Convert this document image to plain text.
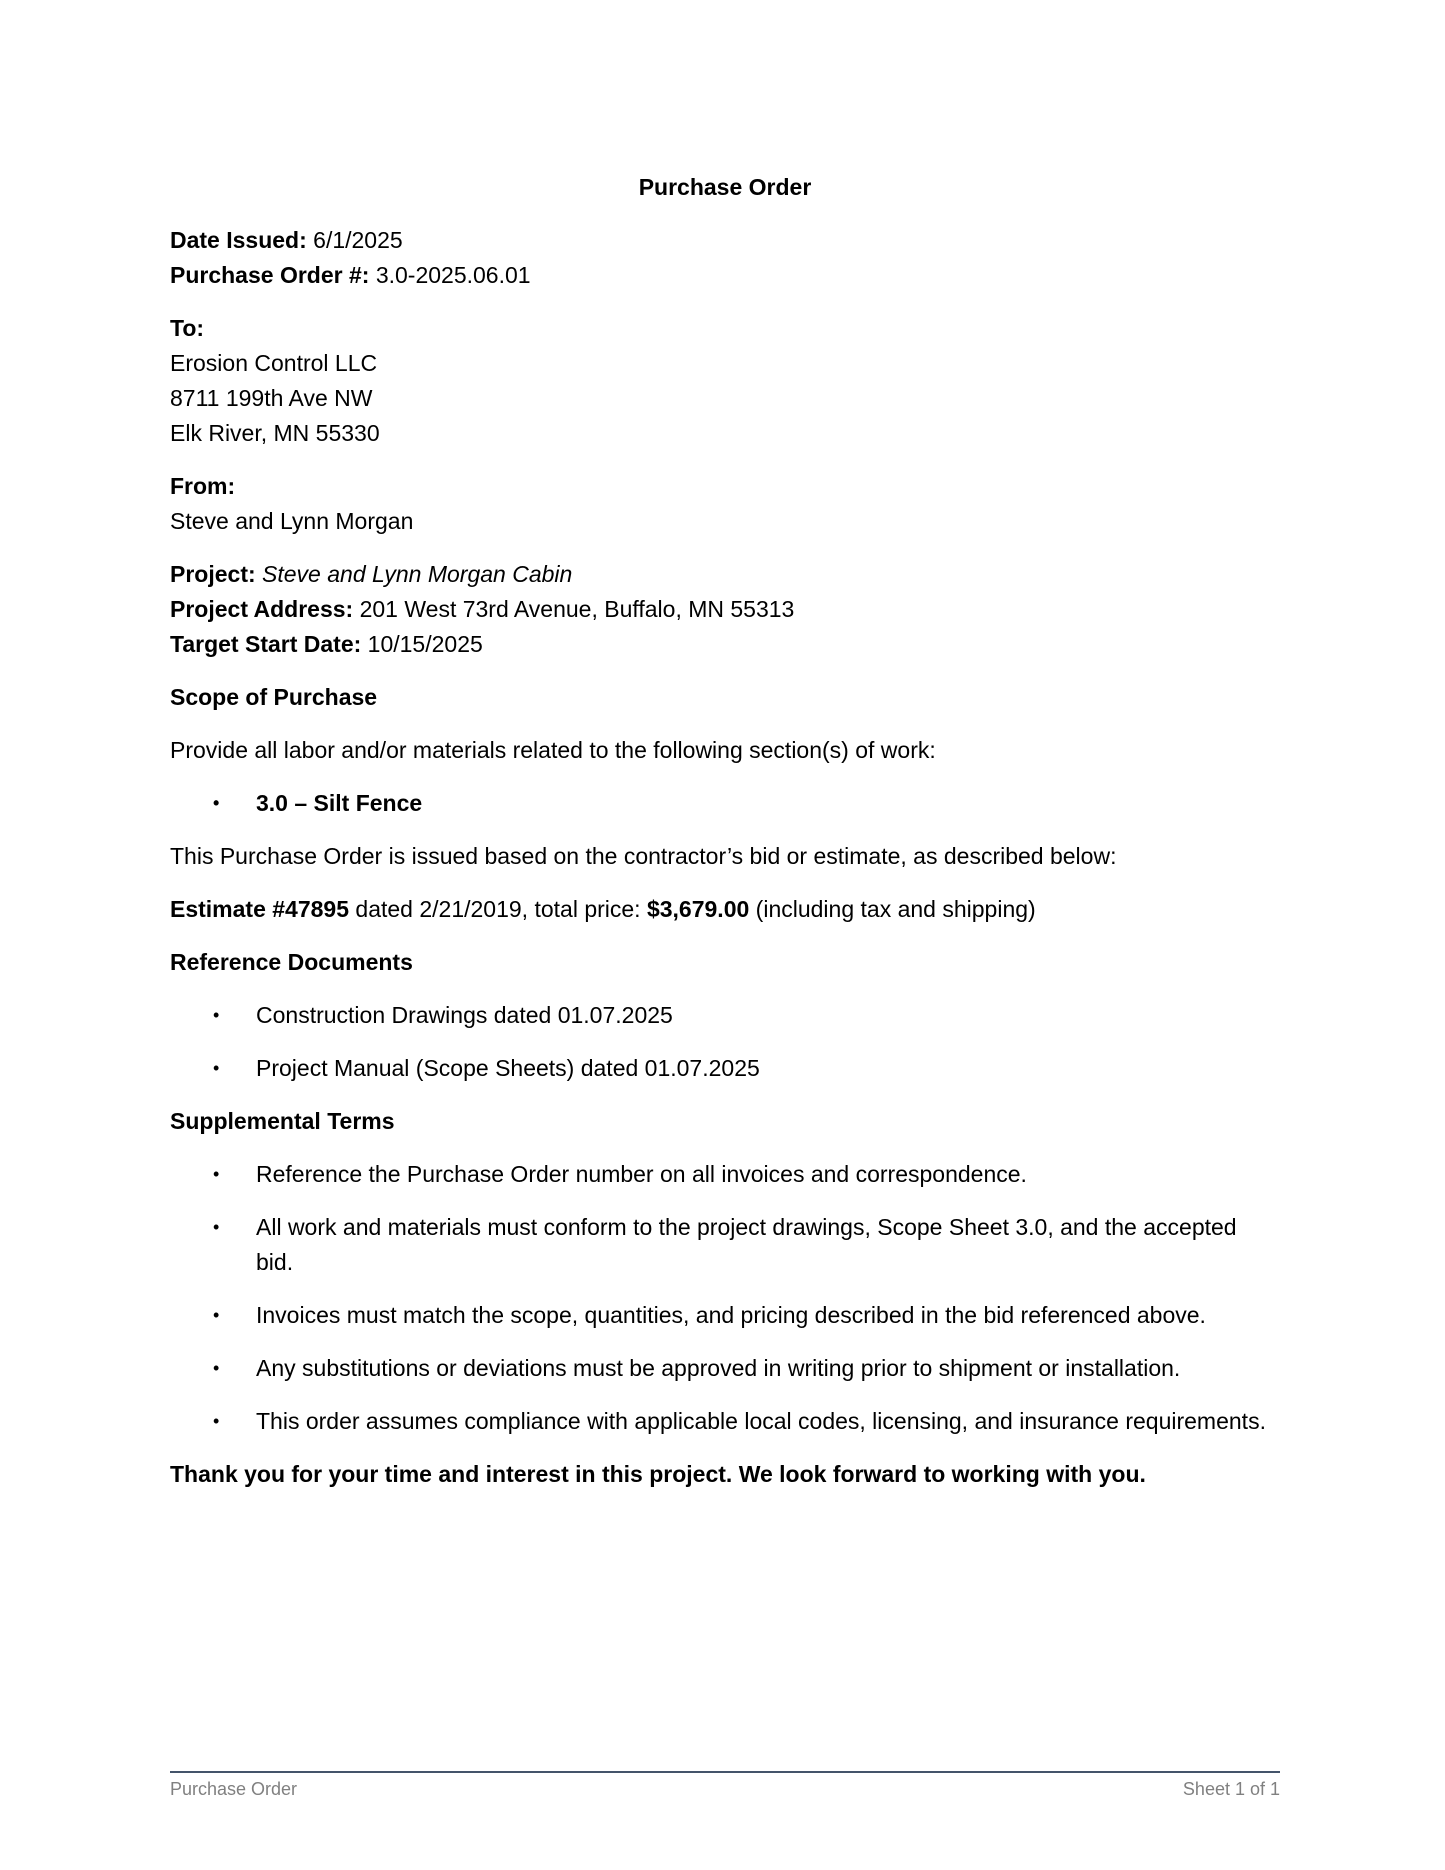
Purchase Order
Date Issued: 6/1/2025
Purchase Order #: 3.0-2025.06.01
To:
Erosion Control LLC
8711 199th Ave NW
Elk River, MN 55330
From:
Steve and Lynn Morgan
Project: Steve and Lynn Morgan Cabin
Project Address: 201 West 73rd Avenue, Buffalo, MN 55313
Target Start Date: 10/15/2025
Scope of Purchase

Provide all labor and/or materials related to the following section(s) of work:

• 3.0 – Silt Fence

This Purchase Order is issued based on the contractor’s bid or estimate, as described below:

Estimate #47895 dated 2/21/2019, total price: $3,679.00 (including tax and shipping)

Reference Documents
• Construction Drawings dated 01.07.2025
• Project Manual (Scope Sheets) dated 01.07.2025
Supplemental Terms
• Reference the Purchase Order number on all invoices and correspondence.
• All work and materials must conform to the project drawings, Scope Sheet 3.0, and the accepted bid.
• Invoices must match the scope, quantities, and pricing described in the bid referenced above.
• Any substitutions or deviations must be approved in writing prior to shipment or installation.
• This order assumes compliance with applicable local codes, licensing, and insurance requirements.

Thank you for your time and interest in this project. We look forward to working with you.

Purchase Order	Sheet 1 of 1
